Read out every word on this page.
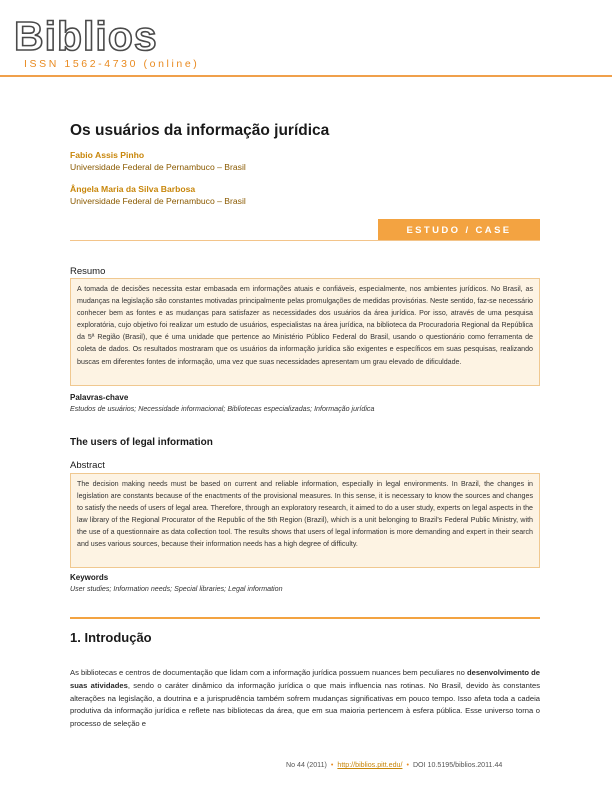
Biblios
ISSN 1562-4730 (online)
Os usuários da informação jurídica
Fabio Assis Pinho
Universidade Federal de Pernambuco – Brasil
Ângela Maria da Silva Barbosa
Universidade Federal de Pernambuco – Brasil
ESTUDO / CASE
Resumo
A tomada de decisões necessita estar embasada em informações atuais e confiáveis, especialmente, nos ambientes jurídicos. No Brasil, as mudanças na legislação são constantes motivadas principalmente pelas promulgações de medidas provisórias. Neste sentido, faz-se necessário conhecer bem as fontes e as mudanças para satisfazer as necessidades dos usuários da área jurídica. Por isso, através de uma pesquisa exploratória, cujo objetivo foi realizar um estudo de usuários, especialistas na área jurídica, na biblioteca da Procuradoria Regional da República da 5ª Região (Brasil), que é uma unidade que pertence ao Ministério Público Federal do Brasil, usando o questionário como ferramenta de coleta de dados. Os resultados mostraram que os usuários da informação jurídica são exigentes e específicos em suas pesquisas, realizando buscas em diferentes fontes de informação, uma vez que suas necessidades apresentam um grau elevado de dificuldade.
Palavras-chave
Estudos de usuários; Necessidade informacional; Bibliotecas especializadas; Informação jurídica
The users of legal information
Abstract
The decision making needs must be based on current and reliable information, especially in legal environments. In Brazil, the changes in legislation are constants because of the enactments of the provisional measures. In this sense, it is necessary to know the sources and changes to satisfy the needs of users of legal area. Therefore, through an exploratory research, it aimed to do a user study, experts on legal aspects in the law library of the Regional Procurator of the Republic of the 5th Region (Brazil), which is a unit belonging to Brazil's Federal Public Ministry, with the use of a questionnaire as data collection tool. The results shows that users of legal information is more demanding and expert in their search and uses various sources, because their information needs has a high degree of difficulty.
Keywords
User studies; Information needs; Special libraries; Legal information
1. Introdução
As bibliotecas e centros de documentação que lidam com a informação jurídica possuem nuances bem peculiares no desenvolvimento de suas atividades, sendo o caráter dinâmico da informação jurídica o que mais influencia nas rotinas. No Brasil, devido às constantes alterações na legislação, a doutrina e a jurisprudência também sofrem mudanças significativas em pouco tempo. Isso afeta toda a cadeia produtiva da informação jurídica e reflete nas bibliotecas da área, que em sua maioria pertencem à esfera pública. Esse universo torna o processo de seleção e
No 44 (2011) • http://biblios.pitt.edu/ • DOI 10.5195/biblios.2011.44
